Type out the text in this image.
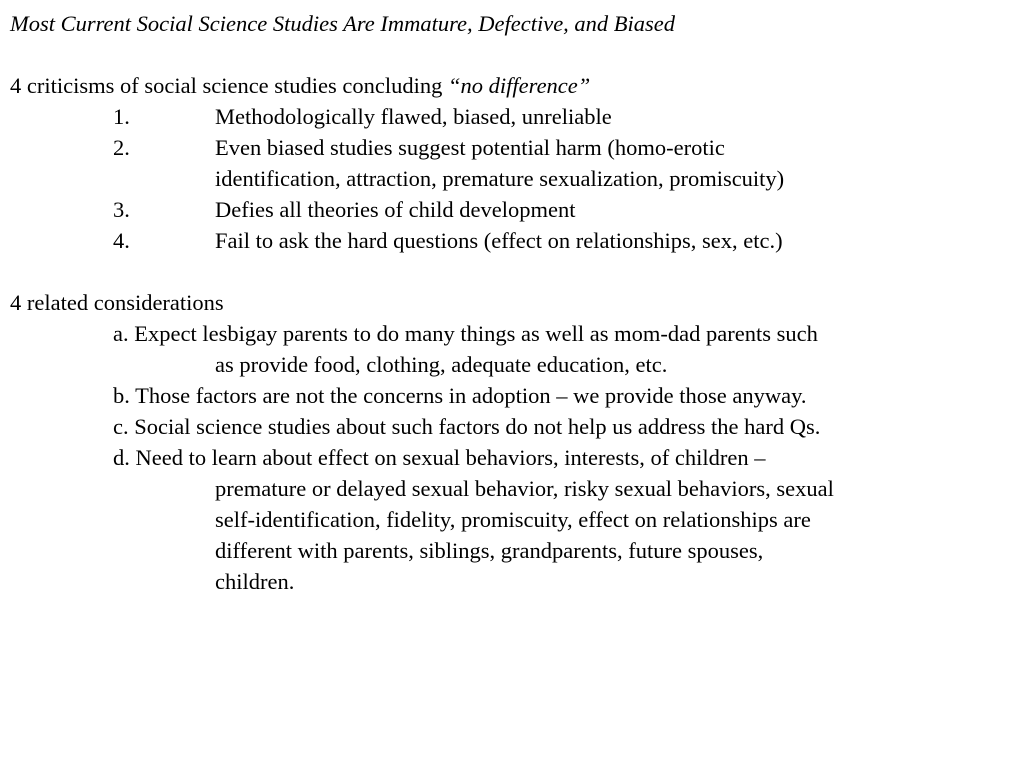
Most Current Social Science Studies Are Immature, Defective, and Biased
4 criticisms of social science studies concluding “no difference”
1.	Methodologically flawed, biased, unreliable
2.	Even biased studies suggest potential harm (homo-erotic
identification, attraction, premature sexualization, promiscuity)
3.	Defies all theories of child development
4.	Fail to ask the hard questions (effect on relationships, sex, etc.)
4 related considerations
a. Expect lesbigay parents to do many things as well as mom-dad parents such
as provide food, clothing, adequate education, etc.
b. Those factors are not the concerns in adoption – we provide those anyway.
c. Social science studies about such factors do not help us address the hard Qs.
d. Need to learn about effect on sexual behaviors, interests, of children –
premature or delayed sexual behavior, risky sexual behaviors, sexual
self-identification, fidelity, promiscuity, effect on relationships are
different with parents, siblings, grandparents, future spouses,
children.
